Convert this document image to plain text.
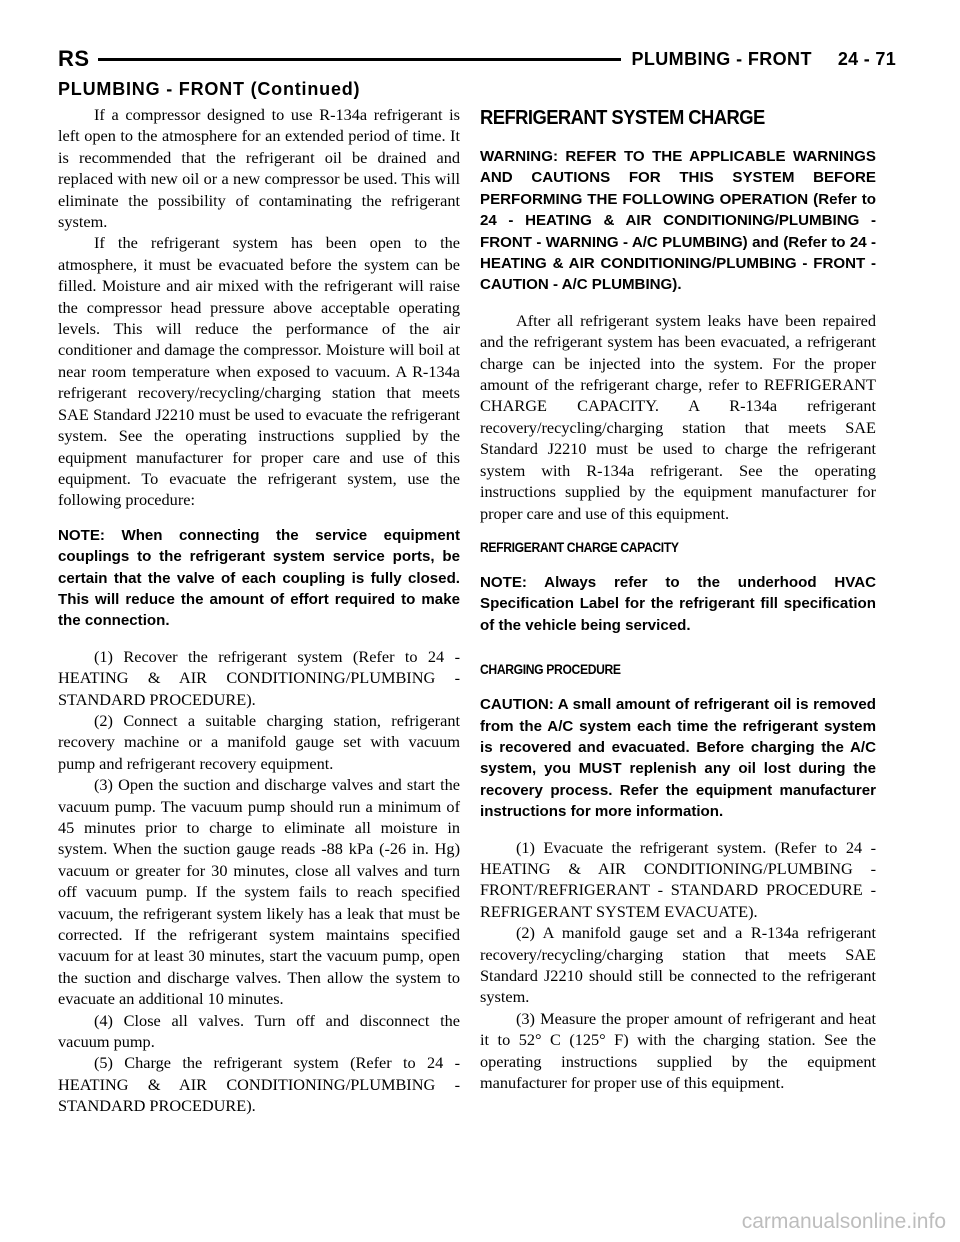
RS	PLUMBING - FRONT 24 - 71
PLUMBING - FRONT (Continued)

If a compressor designed to use R-134a refrigerant is left open to the atmosphere for an extended period of time. It is recommended that the refrigerant oil be drained and replaced with new oil or a new compressor be used. This will eliminate the possibility of contaminating the refrigerant system.

If the refrigerant system has been open to the atmosphere, it must be evacuated before the system can be filled. Moisture and air mixed with the refrigerant will raise the compressor head pressure above acceptable operating levels. This will reduce the performance of the air conditioner and damage the compressor. Moisture will boil at near room temperature when exposed to vacuum. A R-134a refrigerant recovery/recycling/charging station that meets SAE Standard J2210 must be used to evacuate the refrigerant system. See the operating instructions supplied by the equipment manufacturer for proper care and use of this equipment. To evacuate the refrigerant system, use the following procedure:

NOTE: When connecting the service equipment couplings to the refrigerant system service ports, be certain that the valve of each coupling is fully closed. This will reduce the amount of effort required to make the connection.

(1) Recover the refrigerant system (Refer to 24 - HEATING & AIR CONDITIONING/PLUMBING - STANDARD PROCEDURE).

(2) Connect a suitable charging station, refrigerant recovery machine or a manifold gauge set with vacuum pump and refrigerant recovery equipment.

(3) Open the suction and discharge valves and start the vacuum pump. The vacuum pump should run a minimum of 45 minutes prior to charge to eliminate all moisture in system. When the suction gauge reads -88 kPa (-26 in. Hg) vacuum or greater for 30 minutes, close all valves and turn off vacuum pump. If the system fails to reach specified vacuum, the refrigerant system likely has a leak that must be corrected. If the refrigerant system maintains specified vacuum for at least 30 minutes, start the vacuum pump, open the suction and discharge valves. Then allow the system to evacuate an additional 10 minutes.

(4) Close all valves. Turn off and disconnect the vacuum pump.

(5) Charge the refrigerant system (Refer to 24 - HEATING & AIR CONDITIONING/PLUMBING - STANDARD PROCEDURE).

REFRIGERANT SYSTEM CHARGE

WARNING: REFER TO THE APPLICABLE WARNINGS AND CAUTIONS FOR THIS SYSTEM BEFORE PERFORMING THE FOLLOWING OPERATION (Refer to 24 - HEATING & AIR CONDITIONING/PLUMBING - FRONT - WARNING - A/C PLUMBING) and (Refer to 24 - HEATING & AIR CONDITIONING/PLUMBING - FRONT - CAUTION - A/C PLUMBING).

After all refrigerant system leaks have been repaired and the refrigerant system has been evacuated, a refrigerant charge can be injected into the system. For the proper amount of the refrigerant charge, refer to REFRIGERANT CHARGE CAPACITY. A R-134a refrigerant recovery/recycling/charging station that meets SAE Standard J2210 must be used to charge the refrigerant system with R-134a refrigerant. See the operating instructions supplied by the equipment manufacturer for proper care and use of this equipment.

REFRIGERANT CHARGE CAPACITY

NOTE: Always refer to the underhood HVAC Specification Label for the refrigerant fill specification of the vehicle being serviced.

CHARGING PROCEDURE

CAUTION: A small amount of refrigerant oil is removed from the A/C system each time the refrigerant system is recovered and evacuated. Before charging the A/C system, you MUST replenish any oil lost during the recovery process. Refer the equipment manufacturer instructions for more information.

(1) Evacuate the refrigerant system. (Refer to 24 - HEATING & AIR CONDITIONING/PLUMBING - FRONT/REFRIGERANT - STANDARD PROCEDURE - REFRIGERANT SYSTEM EVACUATE).

(2) A manifold gauge set and a R-134a refrigerant recovery/recycling/charging station that meets SAE Standard J2210 should still be connected to the refrigerant system.

(3) Measure the proper amount of refrigerant and heat it to 52° C (125° F) with the charging station. See the operating instructions supplied by the equipment manufacturer for proper use of this equipment.

carmanualsonline.info
